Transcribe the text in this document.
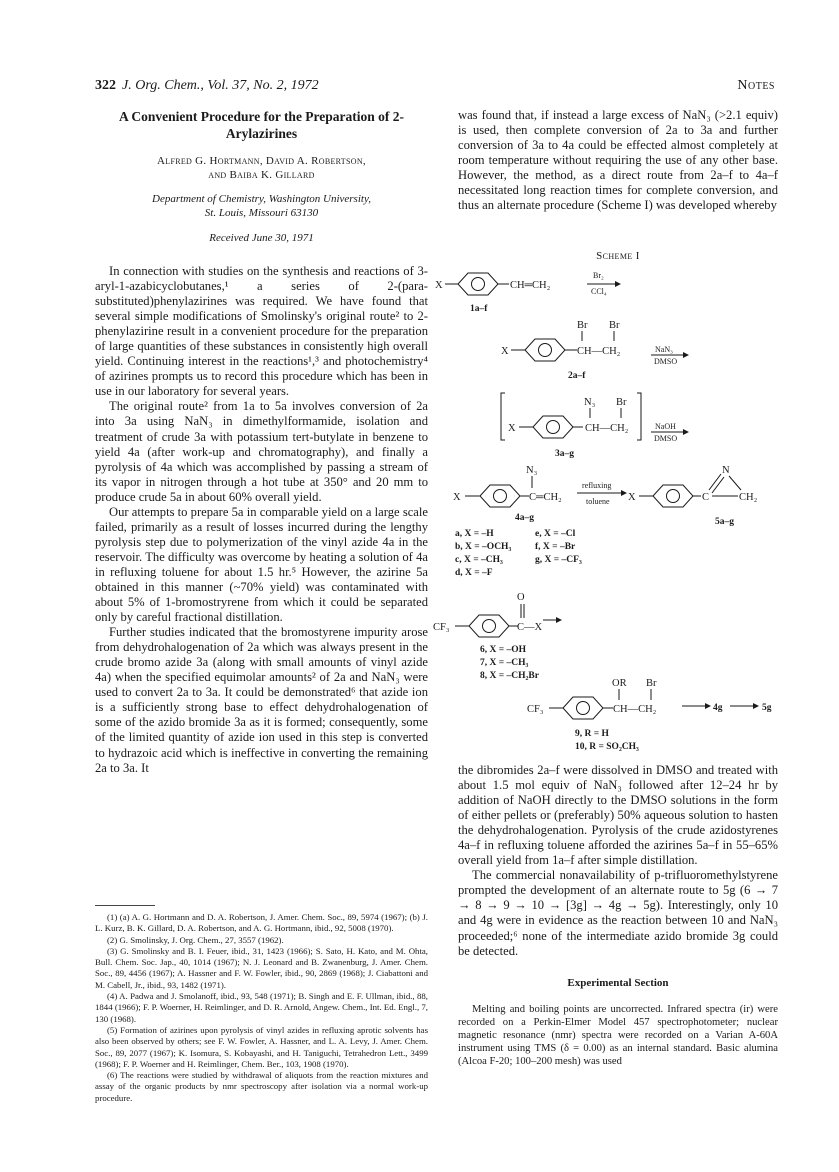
322 J. Org. Chem., Vol. 37, No. 2, 1972	Notes
A Convenient Procedure for the Preparation of 2-Arylazirines
Alfred G. Hortmann, David A. Robertson,
and Baiba K. Gillard
Department of Chemistry, Washington University,
St. Louis, Missouri 63130
Received June 30, 1971

In connection with studies on the synthesis and reactions of 3-aryl-1-azabicyclobutanes,¹ a series of 2-(para-substituted)phenylazirines was required. We have found that several simple modifications of Smolinsky's original route² to 2-phenylazirine result in a convenient procedure for the preparation of large quantities of these substances in consistently high overall yield. Continuing interest in the reactions¹,³ and photochemistry⁴ of azirines prompts us to record this procedure which has been in use in our laboratory for several years.

The original route² from 1a to 5a involves conversion of 2a into 3a using NaN₃ in dimethylformamide, isolation and treatment of crude 3a with potassium tert-butylate in benzene to yield 4a (after work-up and chromatography), and finally a pyrolysis of 4a which was accomplished by passing a stream of its vapor in nitrogen through a hot tube at 350° and 20 mm to produce crude 5a in about 60% overall yield.

Our attempts to prepare 5a in comparable yield on a large scale failed, primarily as a result of losses incurred during the lengthy pyrolysis step due to polymerization of the vinyl azide 4a in the reservoir. The difficulty was overcome by heating a solution of 4a in refluxing toluene for about 1.5 hr.⁵ However, the azirine 5a obtained in this manner (~70% yield) was contaminated with about 5% of 1-bromostryrene from which it could be separated only by careful fractional distillation.

Further studies indicated that the bromostyrene impurity arose from dehydrohalogenation of 2a which was always present in the crude bromo azide 3a (along with small amounts of vinyl azide 4a) when the specified equimolar amounts² of 2a and NaN₃ were used to convert 2a to 3a. It could be demonstrated⁶ that azide ion is a sufficiently strong base to effect dehydrohalogenation of some of the azido bromide 3a as it is formed; consequently, some of the limited quantity of azide ion used in this step is converted to hydrazoic acid which is ineffective in converting the remaining 2a to 3a. It

(1) (a) A. G. Hortmann and D. A. Robertson, J. Amer. Chem. Soc., 89, 5974 (1967); (b) J. L. Kurz, B. K. Gillard, D. A. Robertson, and A. G. Hortmann, ibid., 92, 5008 (1970).

(2) G. Smolinsky, J. Org. Chem., 27, 3557 (1962).

(3) G. Smolinsky and B. I. Feuer, ibid., 31, 1423 (1966); S. Sato, H. Kato, and M. Ohta, Bull. Chem. Soc. Jap., 40, 1014 (1967); N. J. Leonard and B. Zwanenburg, J. Amer. Chem. Soc., 89, 4456 (1967); A. Hassner and F. W. Fowler, ibid., 90, 2869 (1968); J. Ciabattoni and M. Cabell, Jr., ibid., 93, 1482 (1971).

(4) A. Padwa and J. Smolanoff, ibid., 93, 548 (1971); B. Singh and E. F. Ullman, ibid., 88, 1844 (1966); F. P. Woerner, H. Reimlinger, and D. R. Arnold, Angew. Chem., Int. Ed. Engl., 7, 130 (1968).

(5) Formation of azirines upon pyrolysis of vinyl azides in refluxing aprotic solvents has also been observed by others; see F. W. Fowler, A. Hassner, and L. A. Levy, J. Amer. Chem. Soc., 89, 2077 (1967); K. Isomura, S. Kobayashi, and H. Taniguchi, Tetrahedron Lett., 3499 (1968); F. P. Woerner and H. Reimlinger, Chem. Ber., 103, 1908 (1970).

(6) The reactions were studied by withdrawal of aliquots from the reaction mixtures and assay of the organic products by nmr spectroscopy after isolation via a normal work-up procedure.

was found that, if instead a large excess of NaN₃ (>2.1 equiv) is used, then complete conversion of 2a to 3a and further conversion of 3a to 4a could be effected almost completely at room temperature without requiring the use of any other base. However, the method, as a direct route from 2a–f to 4a–f necessitated long reaction times for complete conversion, and thus an alternate procedure (Scheme I) was developed whereby

Scheme I
X	CH═CH₂
Br₂
CCl₄
1a–f
Br Br
X	CH—CH₂	NaN₃
DMSO
2a–f
N₃ Br
X	CH—CH₂	NaOH
DMSO
3a–g
N₃
X	C═CH₂
refluxing
toluene X
N
C	CH₂
4a–g	5a–g
a, X = –H
b, X = –OCH₃
c, X = –CH₃
d, X = –F
e, X = –Cl
f, X = –Br
g, X = –CF₃
O
CF₃	C—X
6, X = –OH
7, X = –CH₃
8, X = –CH₂Br
OR Br
CF₃	CH—CH₂	4g	5g
9, R = H
10, R = SO₂CH₃

the dibromides 2a–f were dissolved in DMSO and treated with about 1.5 mol equiv of NaN₃ followed after 12–24 hr by addition of NaOH directly to the DMSO solutions in the form of either pellets or (preferably) 50% aqueous solution to hasten the dehydrohalogenation. Pyrolysis of the crude azidostyrenes 4a–f in refluxing toluene afforded the azirines 5a–f in 55–65% overall yield from 1a–f after simple distillation.

The commercial nonavailability of p-trifluoromethylstyrene prompted the development of an alternate route to 5g (6 → 7 → 8 → 9 → 10 → [3g] → 4g → 5g). Interestingly, only 10 and 4g were in evidence as the reaction between 10 and NaN₃ proceeded;⁶ none of the intermediate azido bromide 3g could be detected.

Experimental Section

Melting and boiling points are uncorrected. Infrared spectra (ir) were recorded on a Perkin-Elmer Model 457 spectrophotometer; nuclear magnetic resonance (nmr) spectra were recorded on a Varian A-60A instrument using TMS (δ = 0.00) as an internal standard. Basic alumina (Alcoa F-20; 100–200 mesh) was used
